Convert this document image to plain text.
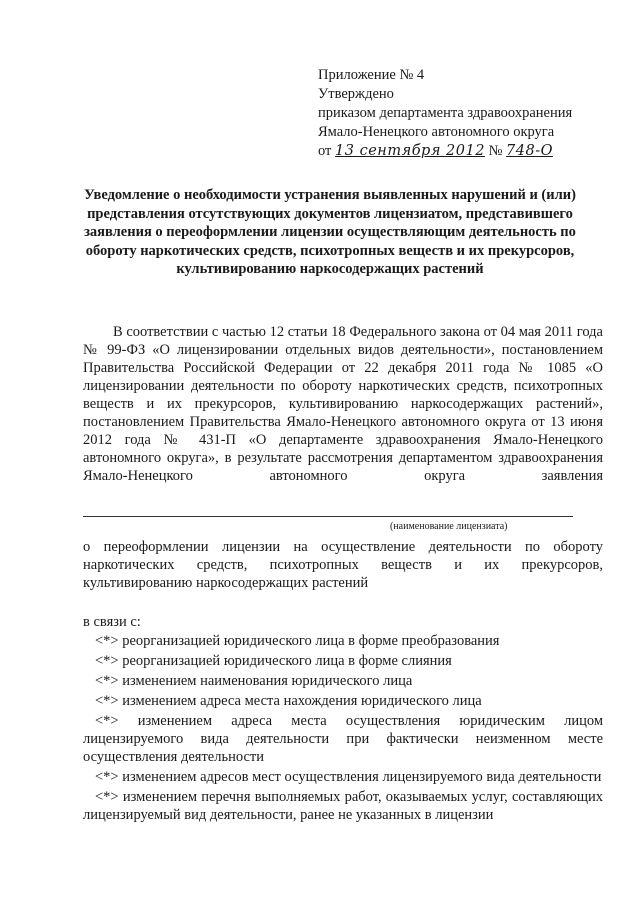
Приложение № 4
Утверждено
приказом департамента здравоохранения
Ямало-Ненецкого автономного округа
от 13 сентября 2012 № 748-О
Уведомление о необходимости устранения выявленных нарушений и (или) представления отсутствующих документов лицензиатом, представившего заявления о переоформлении лицензии осуществляющим деятельность по обороту наркотических средств, психотропных веществ и их прекурсоров, культивированию наркосодержащих растений
В соответствии с частью 12 статьи 18 Федерального закона от 04 мая 2011 года № 99-ФЗ «О лицензировании отдельных видов деятельности», постановлением Правительства Российской Федерации от 22 декабря 2011 года № 1085 «О лицензировании деятельности по обороту наркотических средств, психотропных веществ и их прекурсоров, культивированию наркосодержащих растений», постановлением Правительства Ямало-Ненецкого автономного округа от 13 июня 2012 года № 431-П «О департаменте здравоохранения Ямало-Ненецкого автономного округа», в результате рассмотрения департаментом здравоохранения Ямало-Ненецкого автономного округа заявления
(наименование лицензиата)
о переоформлении лицензии на осуществление деятельности по обороту наркотических средств, психотропных веществ и их прекурсоров, культивированию наркосодержащих растений
в связи с:
<*> реорганизацией юридического лица в форме преобразования
<*> реорганизацией юридического лица в форме слияния
<*> изменением наименования юридического лица
<*> изменением адреса места нахождения юридического лица
<*> изменением адреса места осуществления юридическим лицом лицензируемого вида деятельности при фактически неизменном месте осуществления деятельности
<*> изменением адресов мест осуществления лицензируемого вида деятельности
<*> изменением перечня выполняемых работ, оказываемых услуг, составляющих лицензируемый вид деятельности, ранее не указанных в лицензии
